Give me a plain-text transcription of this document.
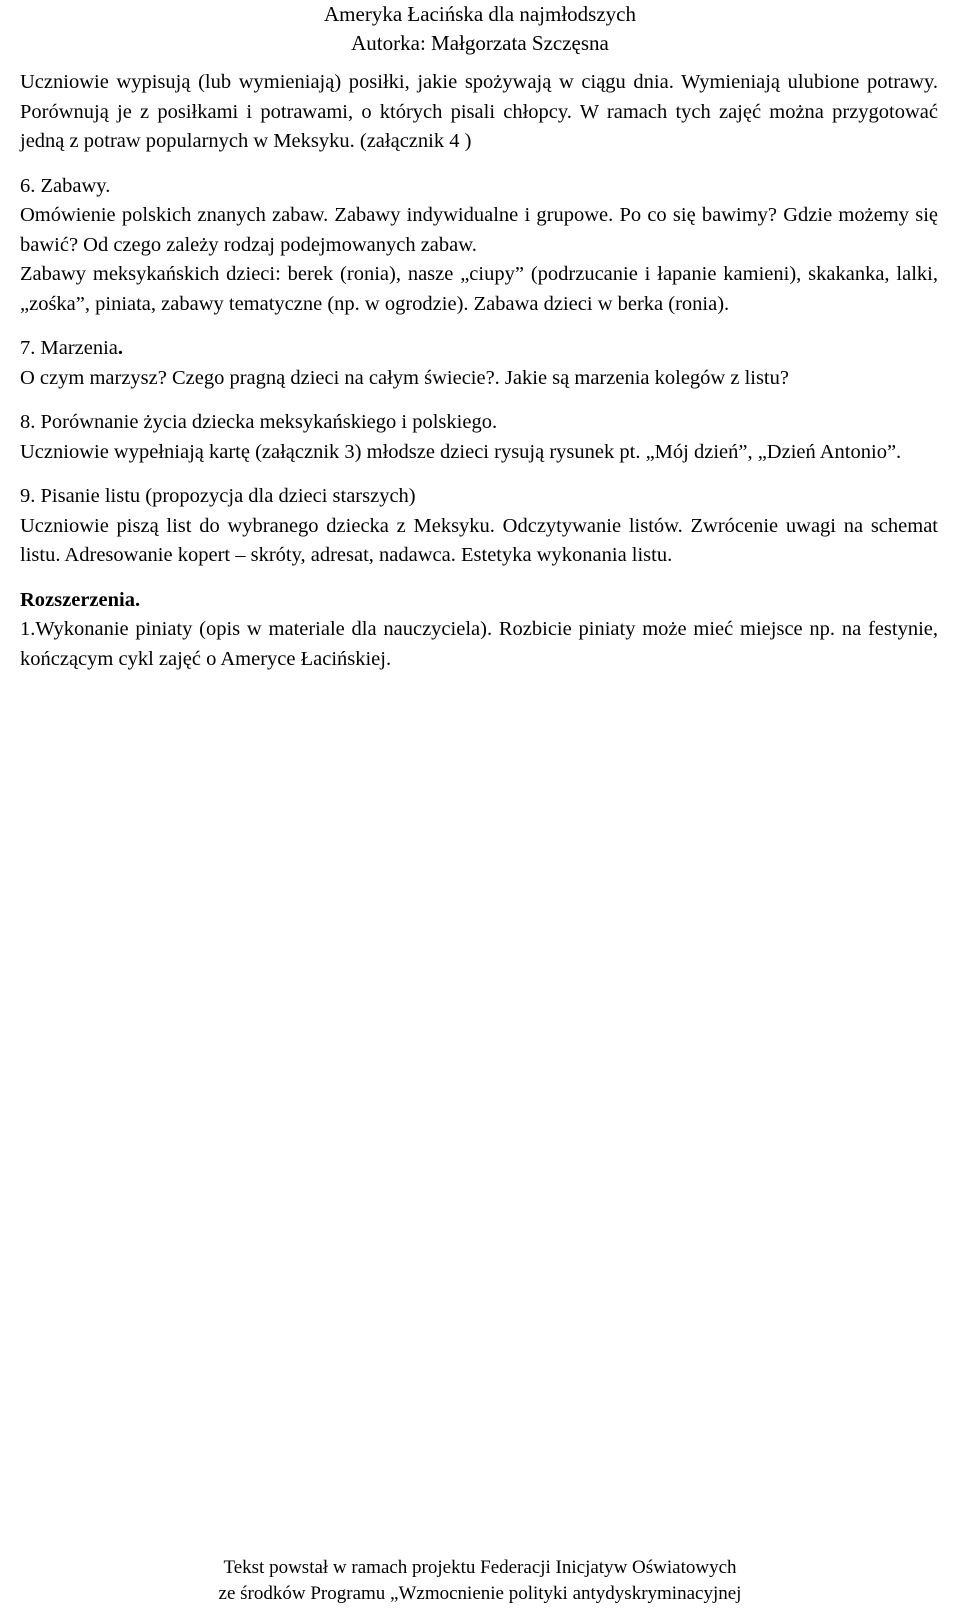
Ameryka Łacińska dla najmłodszych
Autorka: Małgorzata Szczęsna

Uczniowie wypisują (lub wymieniają) posiłki, jakie spożywają w ciągu dnia. Wymieniają ulubione potrawy. Porównują je z posiłkami i potrawami, o których pisali chłopcy. W ramach tych zajęć można przygotować jedną z potraw popularnych w Meksyku. (załącznik 4 )

6. Zabawy.

Omówienie polskich znanych zabaw. Zabawy indywidualne i grupowe. Po co się bawimy? Gdzie możemy się bawić? Od czego zależy rodzaj podejmowanych zabaw.

Zabawy meksykańskich dzieci: berek (ronia), nasze „ciupy” (podrzucanie i łapanie kamieni), skakanka, lalki, „zośka”, piniata, zabawy tematyczne (np. w ogrodzie). Zabawa dzieci w berka (ronia).

7. Marzenia.

O czym marzysz? Czego pragną dzieci na całym świecie?. Jakie są marzenia kolegów z listu?

8. Porównanie życia dziecka meksykańskiego i polskiego.

Uczniowie wypełniają kartę (załącznik 3) młodsze dzieci rysują rysunek pt. „Mój dzień”, „Dzień Antonio”.

9. Pisanie listu (propozycja dla dzieci starszych)

Uczniowie piszą list do wybranego dziecka z Meksyku. Odczytywanie listów. Zwrócenie uwagi na schemat listu. Adresowanie kopert – skróty, adresat, nadawca. Estetyka wykonania listu.

Rozszerzenia.

1.Wykonanie piniaty (opis w materiale dla nauczyciela). Rozbicie piniaty może mieć miejsce np. na festynie, kończącym cykl zajęć o Ameryce Łacińskiej.

Tekst powstał w ramach projektu Federacji Inicjatyw Oświatowych
ze środków Programu „Wzmocnienie polityki antydyskryminacyjnej
